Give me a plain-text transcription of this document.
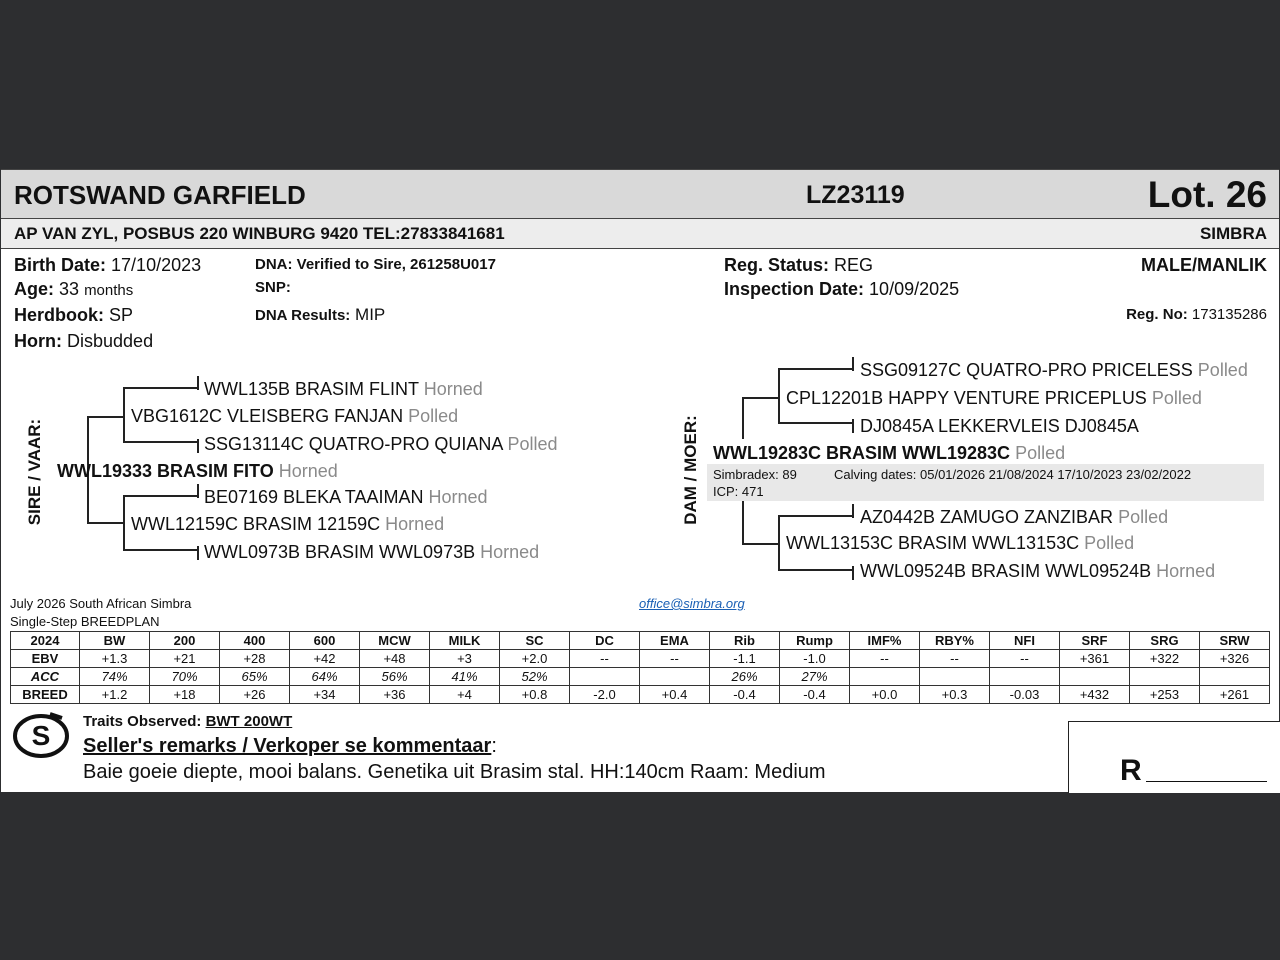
ROTSWAND GARFIELD	LZ23119	Lot. 26
AP VAN ZYL, POSBUS 220 WINBURG 9420 TEL:27833841681	SIMBRA
Birth Date: 17/10/2023
Age: 33 months
Herdbook: SP
Horn: Disbudded
DNA: Verified to Sire, 261258U017
SNP:
DNA Results: MIP
Reg. Status: REG
Inspection Date: 10/09/2025
MALE/MANLIK
Reg. No: 173135286
SIRE / VAAR:	DAM / MOER:
WWL135B BRASIM FLINT Horned
VBG1612C VLEISBERG FANJAN Polled
SSG13114C QUATRO-PRO QUIANA Polled
WWL19333 BRASIM FITO Horned
BE07169 BLEKA TAAIMAN Horned
WWL12159C BRASIM 12159C Horned
WWL0973B BRASIM WWL0973B Horned
SSG09127C QUATRO-PRO PRICELESS Polled
CPL12201B HAPPY VENTURE PRICEPLUS Polled
DJ0845A LEKKERVLEIS DJ0845A
WWL19283C BRASIM WWL19283C Polled
Simbradex: 89	Calving dates: 05/01/2026 21/08/2024 17/10/2023 23/02/2022
ICP: 471
AZ0442B ZAMUGO ZANZIBAR Polled
WWL13153C BRASIM WWL13153C Polled
WWL09524B BRASIM WWL09524B Horned
July 2026 South African Simbra
Single-Step BREEDPLAN
office@simbra.org
2024	BW	200	400	600	MCW	MILK	SC	DC	EMA	Rib	Rump	IMF%	RBY%	NFI	SRF	SRG	SRW
EBV	+1.3	+21	+28	+42	+48	+3	+2.0	--	--	-1.1	-1.0	--	--	--	+361	+322	+326
ACC	74%	70%	65%	64%	56%	41%	52%			26%	27%						
BREED	+1.2	+18	+26	+34	+36	+4	+0.8	-2.0	+0.4	-0.4	-0.4	+0.0	+0.3	-0.03	+432	+253	+261
S Traits Observed: BWT 200WT
Seller's remarks / Verkoper se kommentaar:
Baie goeie diepte, mooi balans. Genetika uit Brasim stal. HH:140cm Raam: Medium	R
